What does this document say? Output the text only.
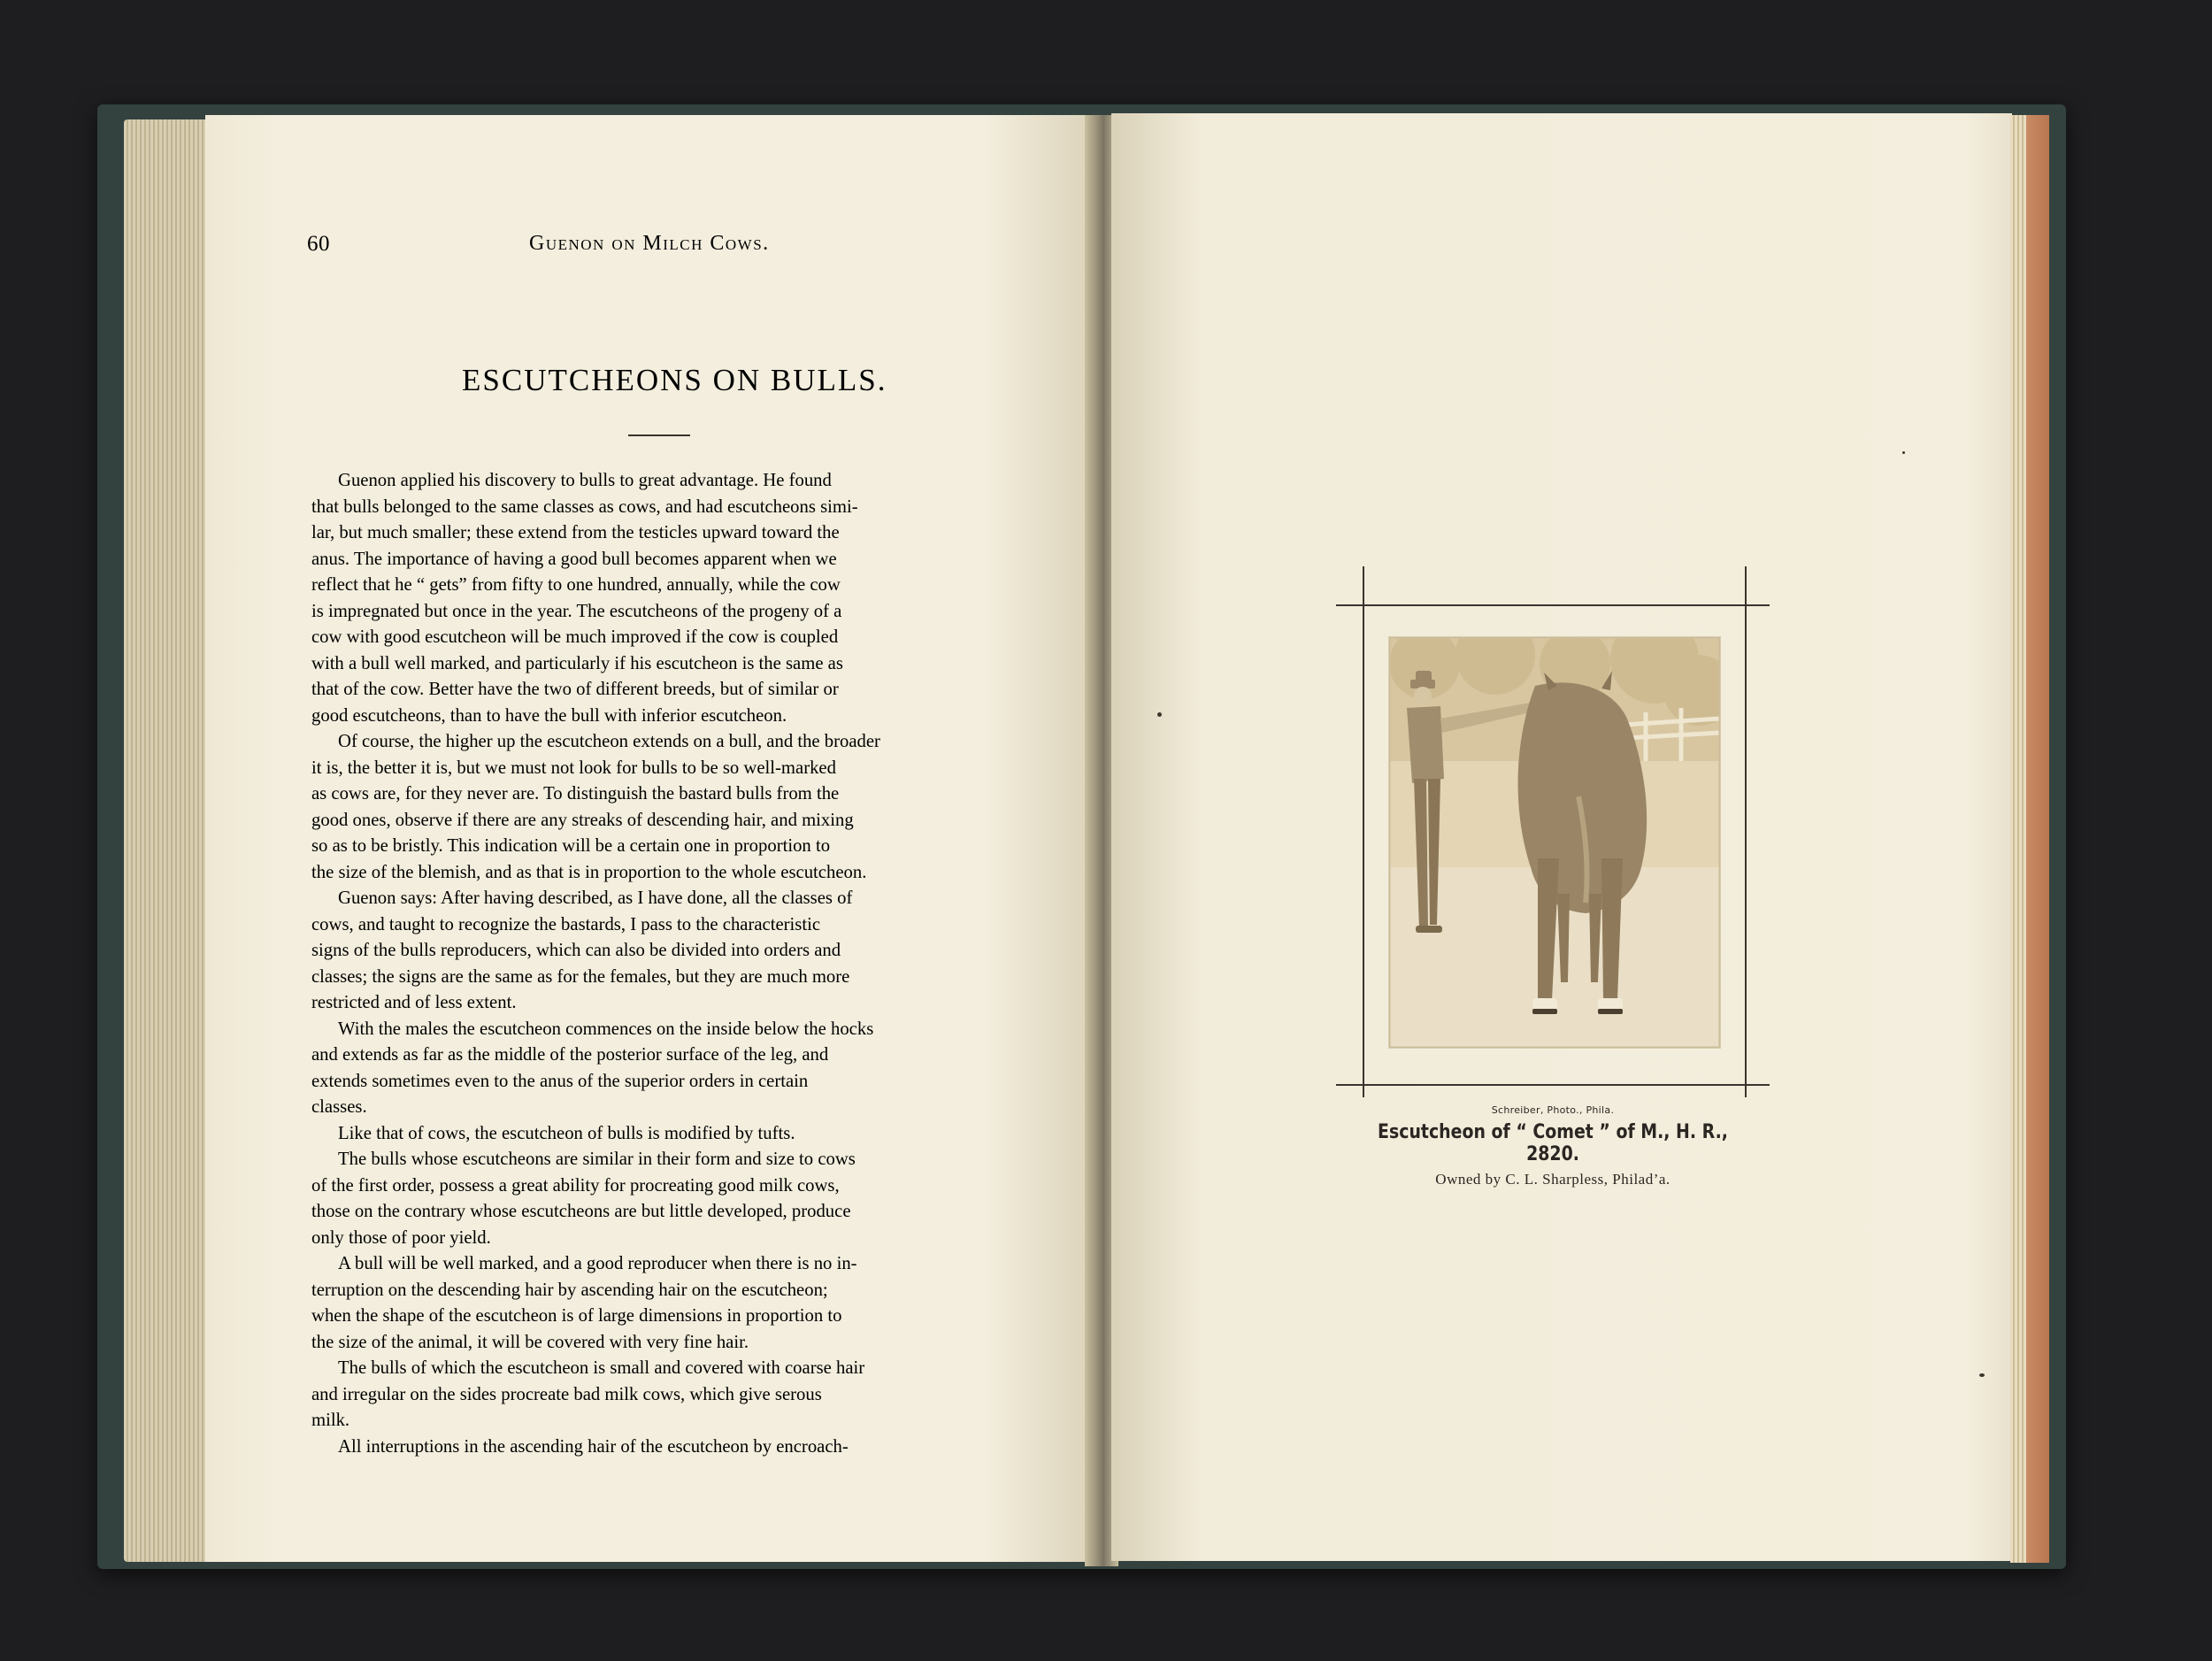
60	Guenon on Milch Cows.
ESCUTCHEONS ON BULLS.

Guenon applied his discovery to bulls to great advantage. He found
that bulls belonged to the same classes as cows, and had escutcheons simi-
lar, but much smaller; these extend from the testicles upward toward the
anus. The importance of having a good bull becomes apparent when we
reflect that he “ gets” from fifty to one hundred, annually, while the cow
is impregnated but once in the year. The escutcheons of the progeny of a
cow with good escutcheon will be much improved if the cow is coupled
with a bull well marked, and particularly if his escutcheon is the same as
that of the cow. Better have the two of different breeds, but of similar or
good escutcheons, than to have the bull with inferior escutcheon.

Of course, the higher up the escutcheon extends on a bull, and the broader
it is, the better it is, but we must not look for bulls to be so well-marked
as cows are, for they never are. To distinguish the bastard bulls from the
good ones, observe if there are any streaks of descending hair, and mixing
so as to be bristly. This indication will be a certain one in proportion to
the size of the blemish, and as that is in proportion to the whole escutcheon.

Guenon says: After having described, as I have done, all the classes of
cows, and taught to recognize the bastards, I pass to the characteristic
signs of the bulls reproducers, which can also be divided into orders and
classes; the signs are the same as for the females, but they are much more
restricted and of less extent.

With the males the escutcheon commences on the inside below the hocks
and extends as far as the middle of the posterior surface of the leg, and
extends sometimes even to the anus of the superior orders in certain
classes.

Like that of cows, the escutcheon of bulls is modified by tufts.

The bulls whose escutcheons are similar in their form and size to cows
of the first order, possess a great ability for procreating good milk cows,
those on the contrary whose escutcheons are but little developed, produce
only those of poor yield.

A bull will be well marked, and a good reproducer when there is no in-
terruption on the descending hair by ascending hair on the escutcheon;
when the shape of the escutcheon is of large dimensions in proportion to
the size of the animal, it will be covered with very fine hair.

The bulls of which the escutcheon is small and covered with coarse hair
and irregular on the sides procreate bad milk cows, which give serous
milk.

All interruptions in the ascending hair of the escutcheon by encroach-

Schreiber, Photo., Phila.
Escutcheon of “ Comet ” of M., H. R., 2820.
Owned by C. L. Sharpless, Philad’a.
